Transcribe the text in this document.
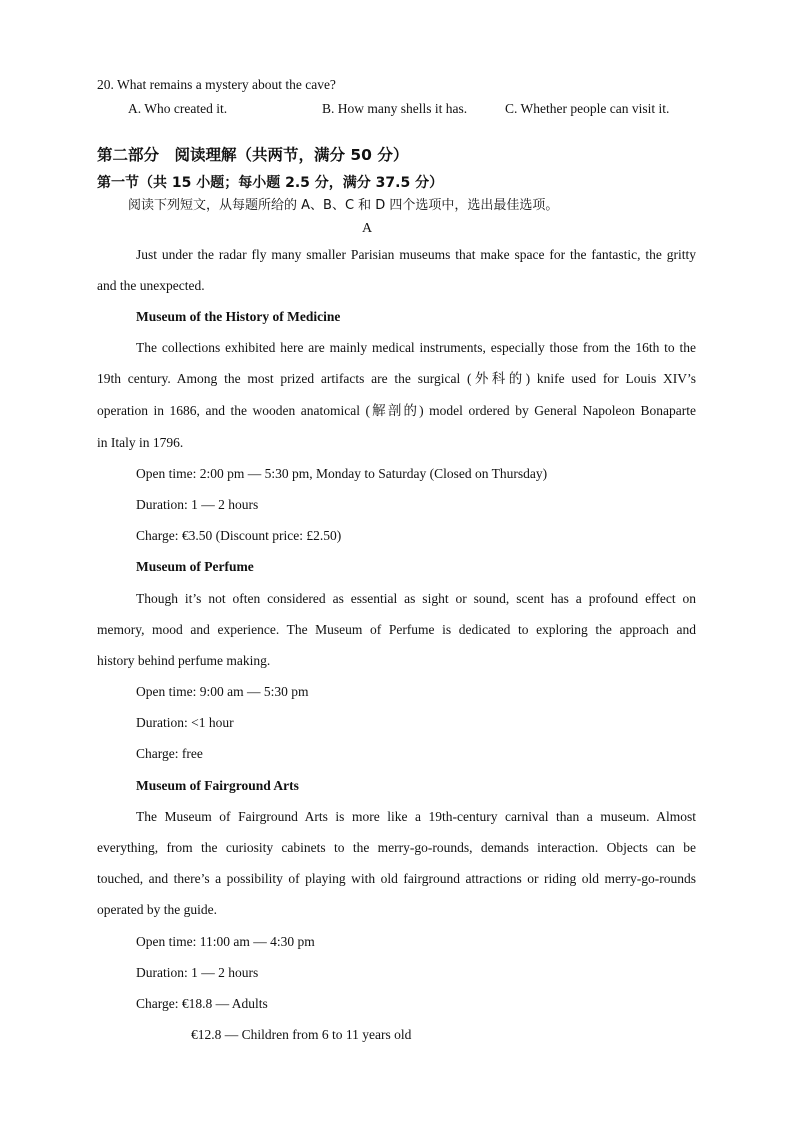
20. What remains a mystery about the cave?
A. Who created it.	B. How many shells it has.	C. Whether people can visit it.
第二部分　阅读理解（共两节，满分 50 分）
第一节（共 15 小题；每小题 2.5 分，满分 37.5 分）
阅读下列短文，从每题所给的 A、B、C 和 D 四个选项中，选出最佳选项。
A
Just under the radar fly many smaller Parisian museums that make space for the fantastic, the gritty
and the unexpected.
Museum of the History of Medicine
The collections exhibited here are mainly medical instruments, especially those from the 16th to the
19th century. Among the most prized artifacts are the surgical (外科的) knife used for Louis XIV’s
operation in 1686, and the wooden anatomical (解剖的) model ordered by General Napoleon Bonaparte
in Italy in 1796.
Open time: 2:00 pm — 5:30 pm, Monday to Saturday (Closed on Thursday)
Duration: 1 — 2 hours
Charge: €3.50 (Discount price: £2.50)
Museum of Perfume
Though it’s not often considered as essential as sight or sound, scent has a profound effect on
memory, mood and experience. The Museum of Perfume is dedicated to exploring the approach and
history behind perfume making.
Open time: 9:00 am — 5:30 pm
Duration: <1 hour
Charge: free
Museum of Fairground Arts
The Museum of Fairground Arts is more like a 19th-century carnival than a museum. Almost
everything, from the curiosity cabinets to the merry-go-rounds, demands interaction. Objects can be
touched, and there’s a possibility of playing with old fairground attractions or riding old merry-go-rounds
operated by the guide.
Open time: 11:00 am — 4:30 pm
Duration: 1 — 2 hours
Charge: €18.8 — Adults
€12.8 — Children from 6 to 11 years old
